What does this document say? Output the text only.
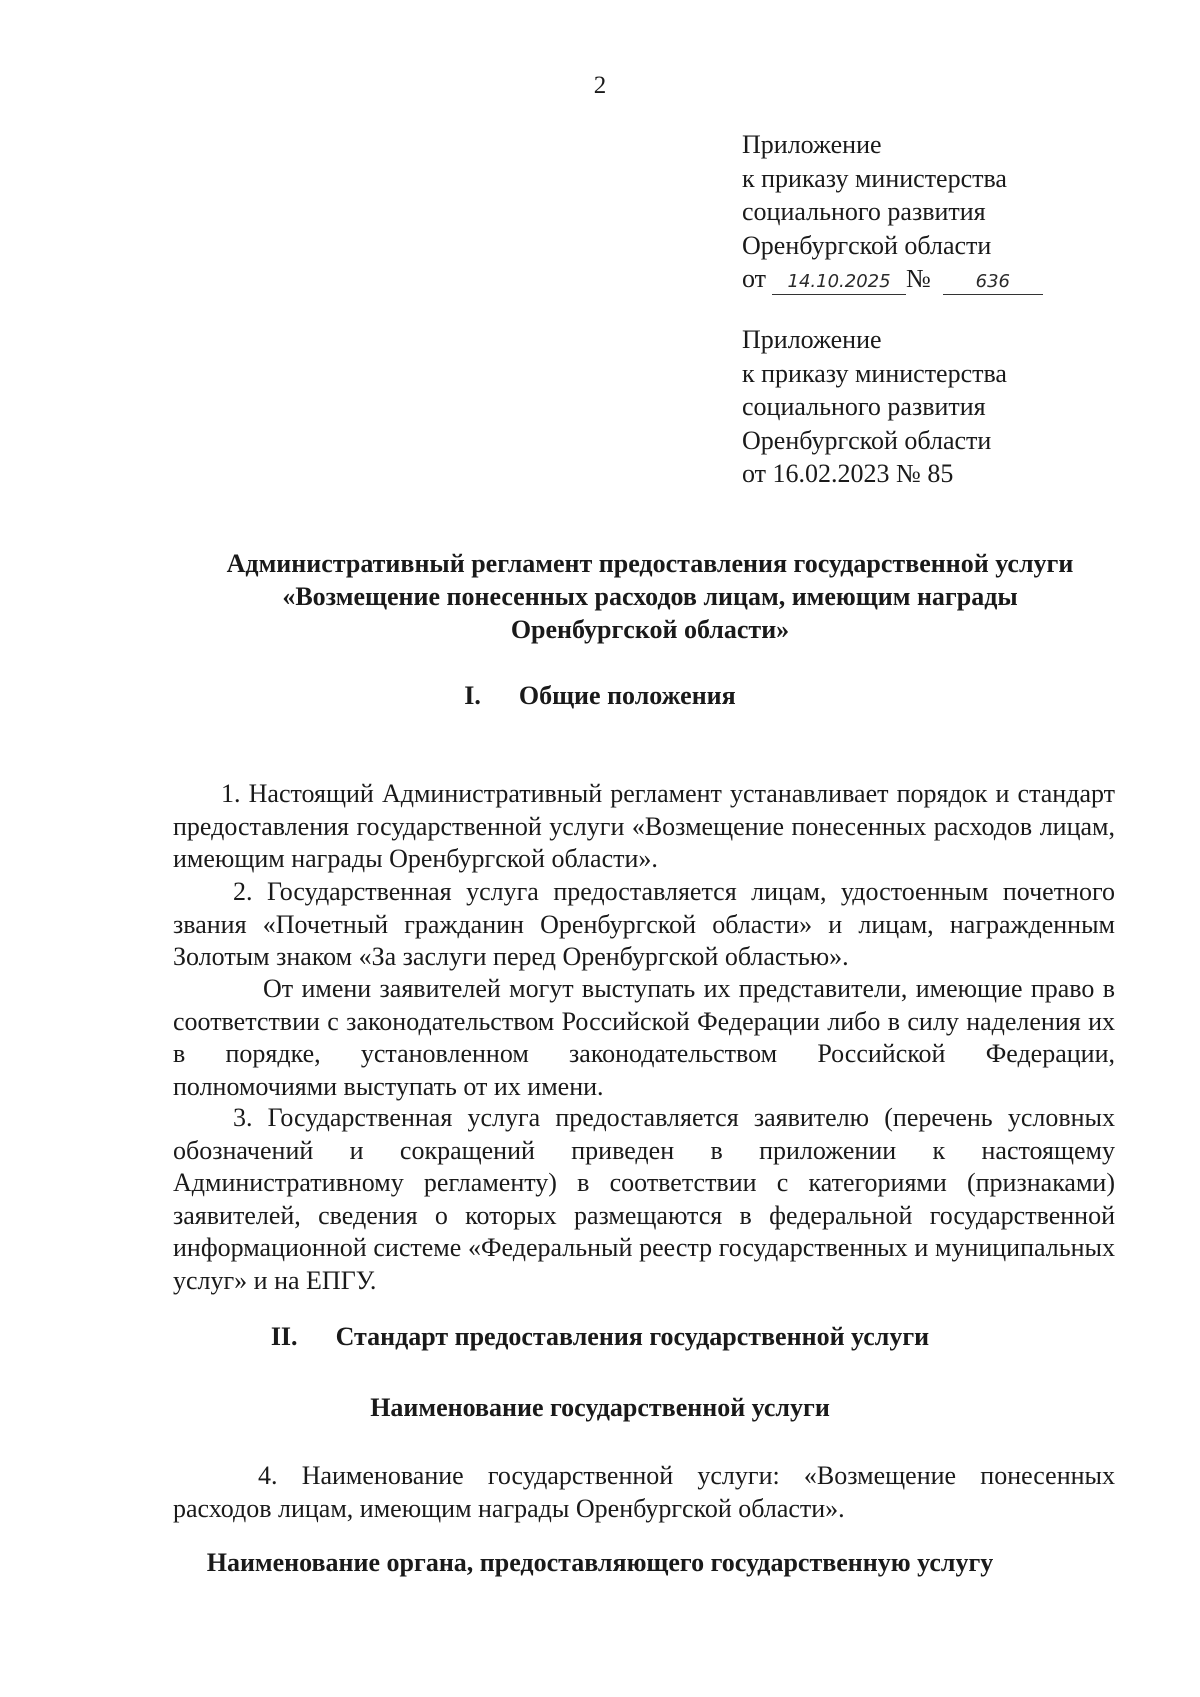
2
Приложение
к приказу министерства
социального развития
Оренбургской области
от 14.10.2025 № 636
Приложение
к приказу министерства
социального развития
Оренбургской области
от 16.02.2023 № 85
Административный регламент предоставления государственной услуги
«Возмещение понесенных расходов лицам, имеющим награды
Оренбургской области»
I. Общие положения
1. Настоящий Административный регламент устанавливает порядок и стандарт предоставления государственной услуги «Возмещение понесенных расходов лицам, имеющим награды Оренбургской области».
2. Государственная услуга предоставляется лицам, удостоенным почетного звания «Почетный гражданин Оренбургской области» и лицам, награжденным Золотым знаком «За заслуги перед Оренбургской областью».
От имени заявителей могут выступать их представители, имеющие право в соответствии с законодательством Российской Федерации либо в силу наделения их в порядке, установленном законодательством Российской Федерации, полномочиями выступать от их имени.
3. Государственная услуга предоставляется заявителю (перечень условных обозначений и сокращений приведен в приложении к настоящему Административному регламенту) в соответствии с категориями (признаками) заявителей, сведения о которых размещаются в федеральной государственной информационной системе «Федеральный реестр государственных и муниципальных услуг» и на ЕПГУ.
II. Стандарт предоставления государственной услуги
Наименование государственной услуги
4. Наименование государственной услуги: «Возмещение понесенных расходов лицам, имеющим награды Оренбургской области».
Наименование органа, предоставляющего государственную услугу
